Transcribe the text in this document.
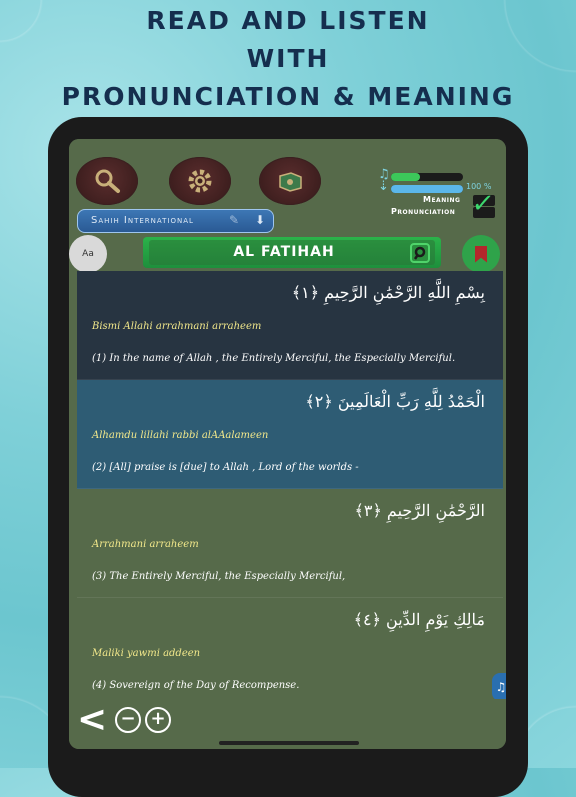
READ AND LISTEN
WITH
PRONUNCIATION & MEANING
♫
⇣	100 %
Meaning
Pronunciation ✓
Sahih International	✎ ⬇
Aa	AL FATIHAH
بِسْمِ اللَّهِ الرَّحْمَٰنِ الرَّحِيمِ ﴿١﴾
Bismi Allahi arrahmani arraheem
(1) In the name of Allah , the Entirely Merciful, the Especially Merciful.
الْحَمْدُ لِلَّهِ رَبِّ الْعَالَمِينَ ﴿٢﴾
Alhamdu lillahi rabbi alAAalameen
(2) [All] praise is [due] to Allah , Lord of the worlds -
الرَّحْمَٰنِ الرَّحِيمِ ﴿٣﴾
Arrahmani arraheem
(3) The Entirely Merciful, the Especially Merciful,
مَالِكِ يَوْمِ الدِّينِ ﴿٤﴾
Maliki yawmi addeen
(4) Sovereign of the Day of Recompense.	♫
< − +
